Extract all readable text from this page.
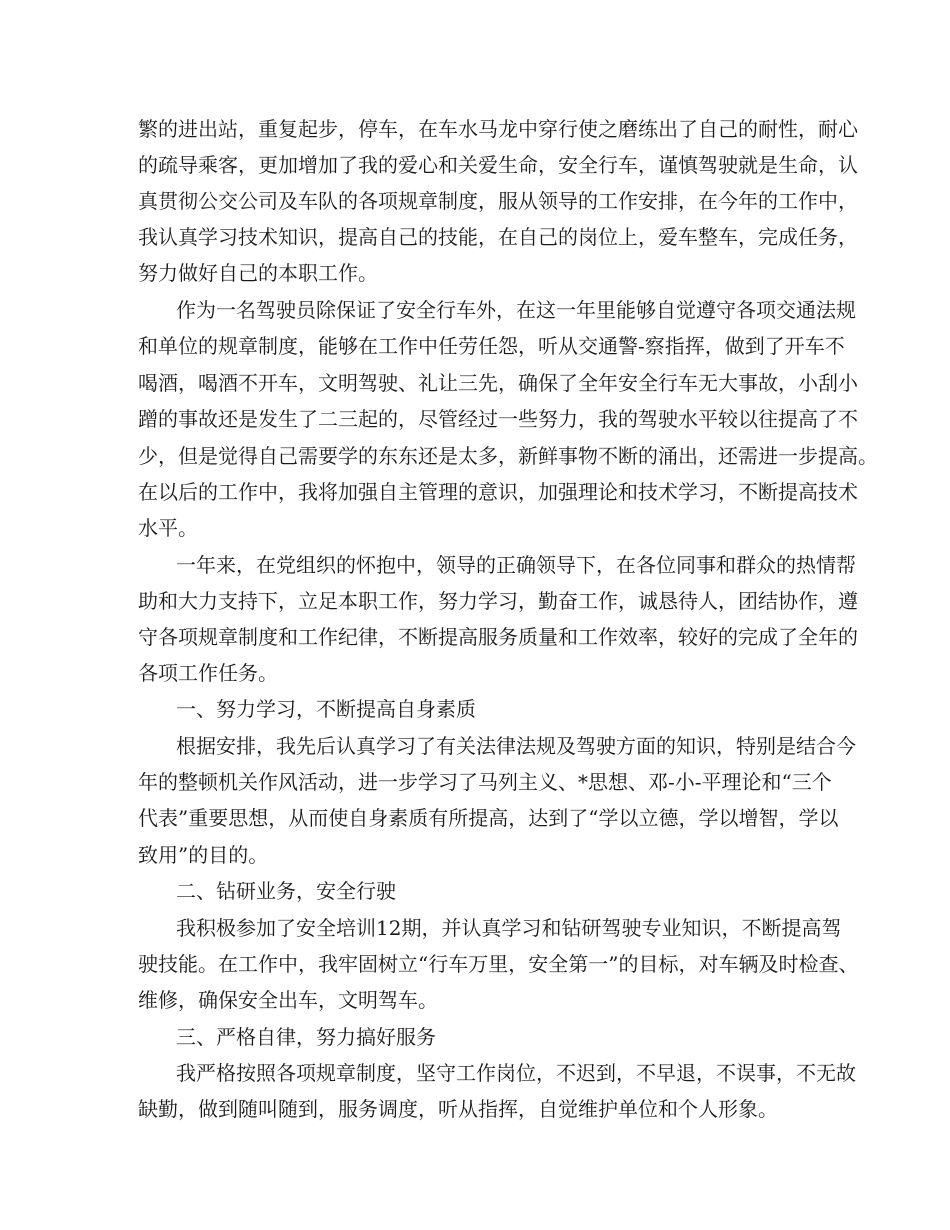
繁的进出站，重复起步，停车，在车水马龙中穿行使之磨练出了自己的耐性，耐心
的疏导乘客，更加增加了我的爱心和关爱生命，安全行车，谨慎驾驶就是生命，认
真贯彻公交公司及车队的各项规章制度，服从领导的工作安排，在今年的工作中，
我认真学习技术知识，提高自己的技能，在自己的岗位上，爱车整车，完成任务，
努力做好自己的本职工作。
作为一名驾驶员除保证了安全行车外，在这一年里能够自觉遵守各项交通法规
和单位的规章制度，能够在工作中任劳任怨，听从交通警-察指挥，做到了开车不
喝酒，喝酒不开车，文明驾驶、礼让三先，确保了全年安全行车无大事故，小刮小
蹭的事故还是发生了二三起的，尽管经过一些努力，我的驾驶水平较以往提高了不
少，但是觉得自己需要学的东东还是太多，新鲜事物不断的涌出，还需进一步提高。
在以后的工作中，我将加强自主管理的意识，加强理论和技术学习，不断提高技术
水平。
一年来，在党组织的怀抱中，领导的正确领导下，在各位同事和群众的热情帮
助和大力支持下，立足本职工作，努力学习，勤奋工作，诚恳待人，团结协作，遵
守各项规章制度和工作纪律，不断提高服务质量和工作效率，较好的完成了全年的
各项工作任务。
一、努力学习，不断提高自身素质
根据安排，我先后认真学习了有关法律法规及驾驶方面的知识，特别是结合今
年的整顿机关作风活动，进一步学习了马列主义、*思想、邓-小-平理论和“三个
代表”重要思想，从而使自身素质有所提高，达到了“学以立德，学以增智，学以
致用”的目的。
二、钻研业务，安全行驶
我积极参加了安全培训12期，并认真学习和钻研驾驶专业知识，不断提高驾
驶技能。在工作中，我牢固树立“行车万里，安全第一”的目标，对车辆及时检查、
维修，确保安全出车，文明驾车。
三、严格自律，努力搞好服务
我严格按照各项规章制度，坚守工作岗位，不迟到，不早退，不误事，不无故
缺勤，做到随叫随到，服务调度，听从指挥，自觉维护单位和个人形象。
